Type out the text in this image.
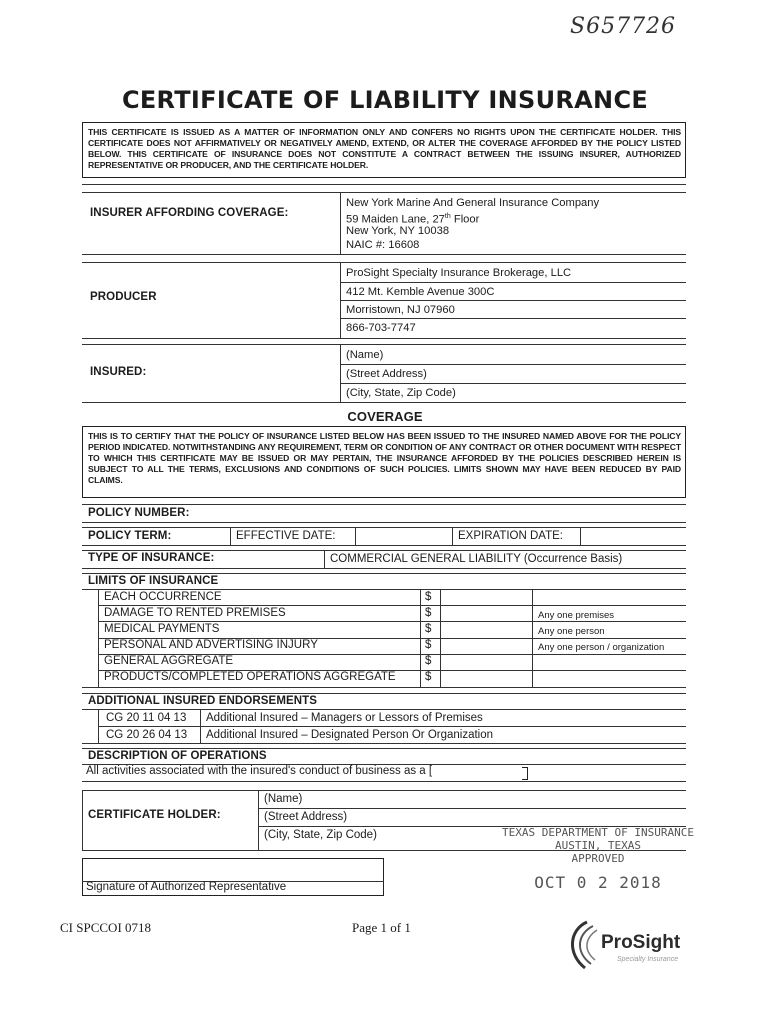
S657726
CERTIFICATE OF LIABILITY INSURANCE
THIS CERTIFICATE IS ISSUED AS A MATTER OF INFORMATION ONLY AND CONFERS NO RIGHTS UPON THE CERTIFICATE HOLDER. THIS CERTIFICATE DOES NOT AFFIRMATIVELY OR NEGATIVELY AMEND, EXTEND, OR ALTER THE COVERAGE AFFORDED BY THE POLICY LISTED BELOW. THIS CERTIFICATE OF INSURANCE DOES NOT CONSTITUTE A CONTRACT BETWEEN THE ISSUING INSURER, AUTHORIZED REPRESENTATIVE OR PRODUCER, AND THE CERTIFICATE HOLDER.
INSURER AFFORDING COVERAGE:
New York Marine And General Insurance Company
59 Maiden Lane, 27th Floor
New York, NY 10038
NAIC #: 16608
PRODUCER
ProSight Specialty Insurance Brokerage, LLC
412 Mt. Kemble Avenue 300C
Morristown, NJ 07960
866-703-7747
INSURED:
(Name)
(Street Address)
(City, State, Zip Code)
COVERAGE
THIS IS TO CERTIFY THAT THE POLICY OF INSURANCE LISTED BELOW HAS BEEN ISSUED TO THE INSURED NAMED ABOVE FOR THE POLICY PERIOD INDICATED. NOTWITHSTANDING ANY REQUIREMENT, TERM OR CONDITION OF ANY CONTRACT OR OTHER DOCUMENT WITH RESPECT TO WHICH THIS CERTIFICATE MAY BE ISSUED OR MAY PERTAIN, THE INSURANCE AFFORDED BY THE POLICIES DESCRIBED HEREIN IS SUBJECT TO ALL THE TERMS, EXCLUSIONS AND CONDITIONS OF SUCH POLICIES. LIMITS SHOWN MAY HAVE BEEN REDUCED BY PAID CLAIMS.
POLICY NUMBER:
POLICY TERM:	EFFECTIVE DATE:	EXPIRATION DATE:
TYPE OF INSURANCE:	COMMERCIAL GENERAL LIABILITY (Occurrence Basis)
LIMITS OF INSURANCE
EACH OCCURRENCE	$
DAMAGE TO RENTED PREMISES	$	Any one premises
MEDICAL PAYMENTS	$	Any one person
PERSONAL AND ADVERTISING INJURY	$	Any one person / organization
GENERAL AGGREGATE	$
PRODUCTS/COMPLETED OPERATIONS AGGREGATE	$
ADDITIONAL INSURED ENDORSEMENTS
CG 20 11 04 13 Additional Insured – Managers or Lessors of Premises
CG 20 26 04 13 Additional Insured – Designated Person Or Organization
DESCRIPTION OF OPERATIONS
All activities associated with the insured's conduct of business as a [
CERTIFICATE HOLDER:
(Name)
(Street Address)
(City, State, Zip Code)
Signature of Authorized Representative
TEXAS DEPARTMENT OF INSURANCE
AUSTIN, TEXAS
APPROVED
OCT 0 2 2018
CI SPCCOI 0718	Page 1 of 1
ProSight
Specialty Insurance
